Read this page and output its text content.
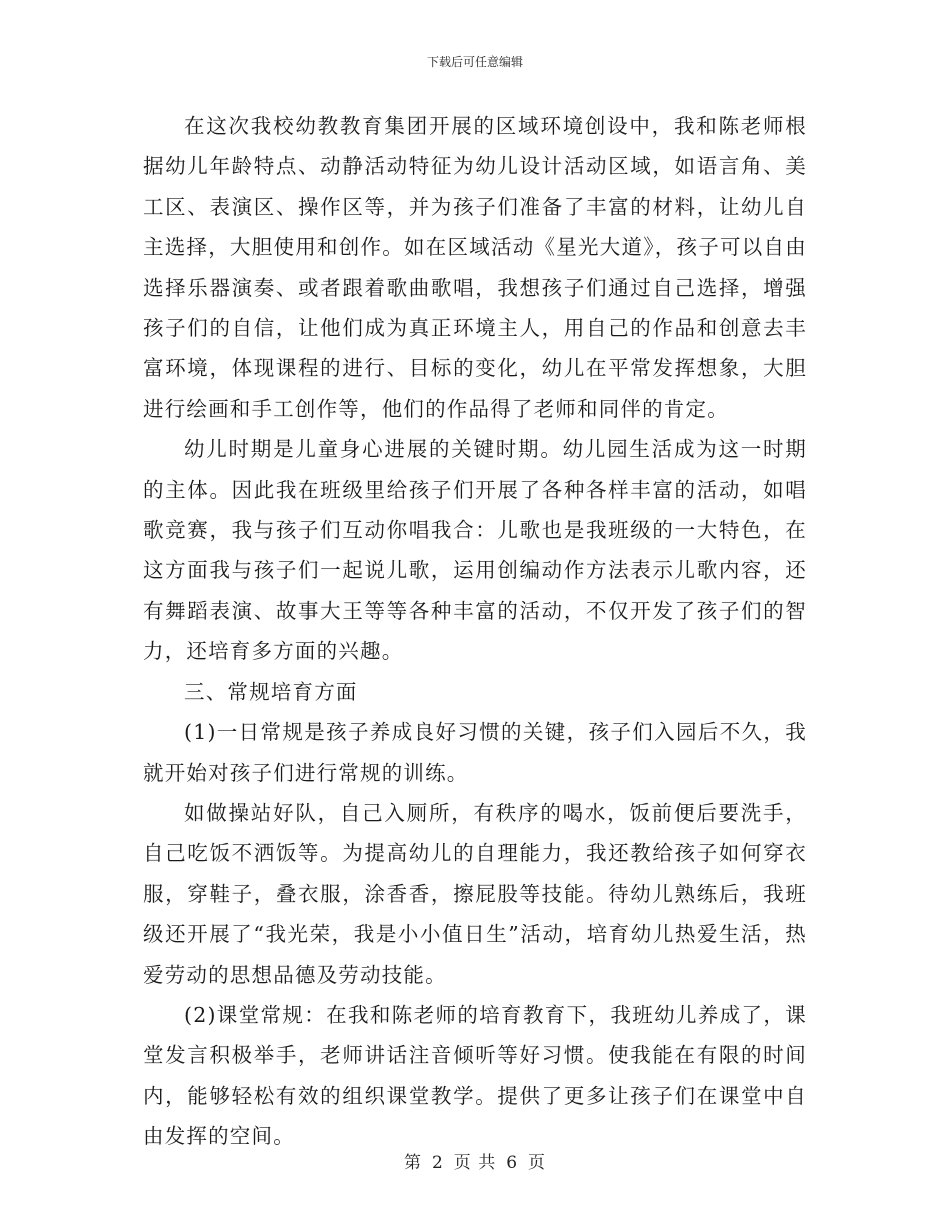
下载后可任意编辑

在这次我校幼教教育集团开展的区域环境创设中，我和陈老师根据幼儿年龄特点、动静活动特征为幼儿设计活动区域，如语言角、美工区、表演区、操作区等，并为孩子们准备了丰富的材料，让幼儿自主选择，大胆使用和创作。如在区域活动《星光大道》，孩子可以自由选择乐器演奏、或者跟着歌曲歌唱，我想孩子们通过自己选择，增强孩子们的自信，让他们成为真正环境主人，用自己的作品和创意去丰富环境，体现课程的进行、目标的变化，幼儿在平常发挥想象，大胆进行绘画和手工创作等，他们的作品得了老师和同伴的肯定。

幼儿时期是儿童身心进展的关键时期。幼儿园生活成为这一时期的主体。因此我在班级里给孩子们开展了各种各样丰富的活动，如唱歌竞赛，我与孩子们互动你唱我合：儿歌也是我班级的一大特色，在这方面我与孩子们一起说儿歌，运用创编动作方法表示儿歌内容，还有舞蹈表演、故事大王等等各种丰富的活动，不仅开发了孩子们的智力，还培育多方面的兴趣。

三、常规培育方面

(1)一日常规是孩子养成良好习惯的关键，孩子们入园后不久，我就开始对孩子们进行常规的训练。

如做操站好队，自己入厕所，有秩序的喝水，饭前便后要洗手，自己吃饭不洒饭等。为提高幼儿的自理能力，我还教给孩子如何穿衣服，穿鞋子，叠衣服，涂香香，擦屁股等技能。待幼儿熟练后，我班级还开展了“我光荣，我是小小值日生”活动，培育幼儿热爱生活，热爱劳动的思想品德及劳动技能。

(2)课堂常规：在我和陈老师的培育教育下，我班幼儿养成了，课堂发言积极举手，老师讲话注音倾听等好习惯。使我能在有限的时间内，能够轻松有效的组织课堂教学。提供了更多让孩子们在课堂中自由发挥的空间。

第 2 页 共 6 页
